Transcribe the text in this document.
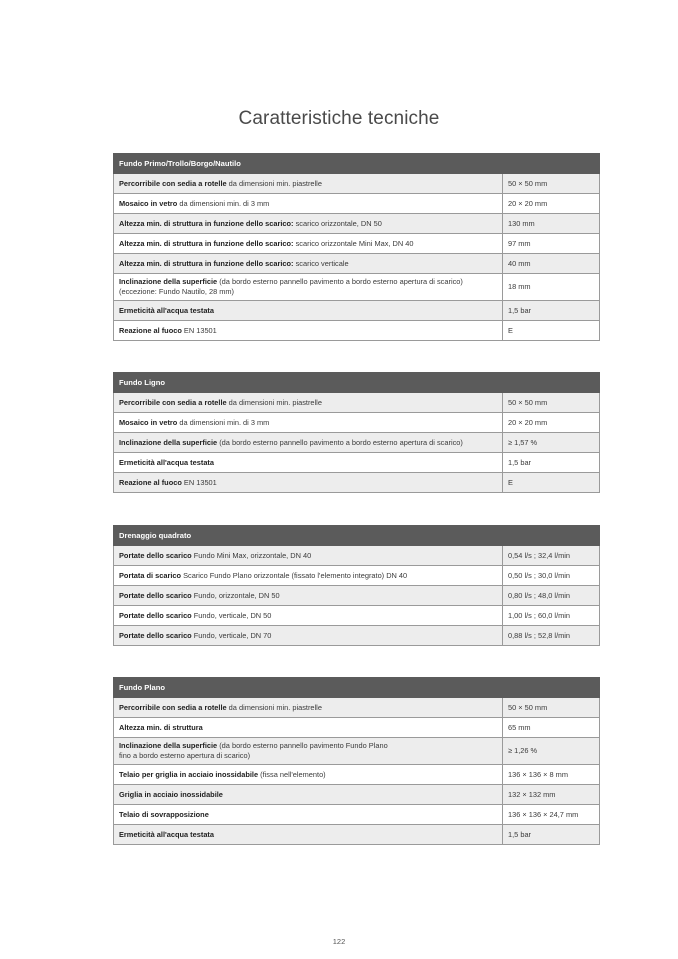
Caratteristiche tecniche
Fundo Primo/Trollo/Borgo/Nautilo	
Percorribile con sedia a rotelle da dimensioni min. piastrelle	50 × 50 mm
Mosaico in vetro da dimensioni min. di 3 mm	20 × 20 mm
Altezza min. di struttura in funzione dello scarico: scarico orizzontale, DN 50	130 mm
Altezza min. di struttura in funzione dello scarico: scarico orizzontale Mini Max, DN 40	97 mm
Altezza min. di struttura in funzione dello scarico: scarico verticale	40 mm
Inclinazione della superficie (da bordo esterno pannello pavimento a bordo esterno apertura di scarico)
(eccezione: Fundo Nautilo, 28 mm)	18 mm
Ermeticità all'acqua testata	1,5 bar
Reazione al fuoco EN 13501	E
Fundo Ligno	
Percorribile con sedia a rotelle da dimensioni min. piastrelle	50 × 50 mm
Mosaico in vetro da dimensioni min. di 3 mm	20 × 20 mm
Inclinazione della superficie (da bordo esterno pannello pavimento a bordo esterno apertura di scarico)	≥ 1,57 %
Ermeticità all'acqua testata	1,5 bar
Reazione al fuoco EN 13501	E
Drenaggio quadrato	
Portate dello scarico Fundo Mini Max, orizzontale, DN 40	0,54 l/s ; 32,4 l/min
Portata di scarico Scarico Fundo Plano orizzontale (fissato l'elemento integrato) DN 40	0,50 l/s ; 30,0 l/min
Portate dello scarico Fundo, orizzontale, DN 50	0,80 l/s ; 48,0 l/min
Portate dello scarico Fundo, verticale, DN 50	1,00 l/s ; 60,0 l/min
Portate dello scarico Fundo, verticale, DN 70	0,88 l/s ; 52,8 l/min
Fundo Plano	
Percorribile con sedia a rotelle da dimensioni min. piastrelle	50 × 50 mm
Altezza min. di struttura	65 mm
Inclinazione della superficie (da bordo esterno pannello pavimento Fundo Plano
fino a bordo esterno apertura di scarico)	≥ 1,26 %
Telaio per griglia in acciaio inossidabile (fissa nell'elemento)	136 × 136 × 8 mm
Griglia in acciaio inossidabile	132 × 132 mm
Telaio di sovrapposizione	136 × 136 × 24,7 mm
Ermeticità all'acqua testata	1,5 bar
122
